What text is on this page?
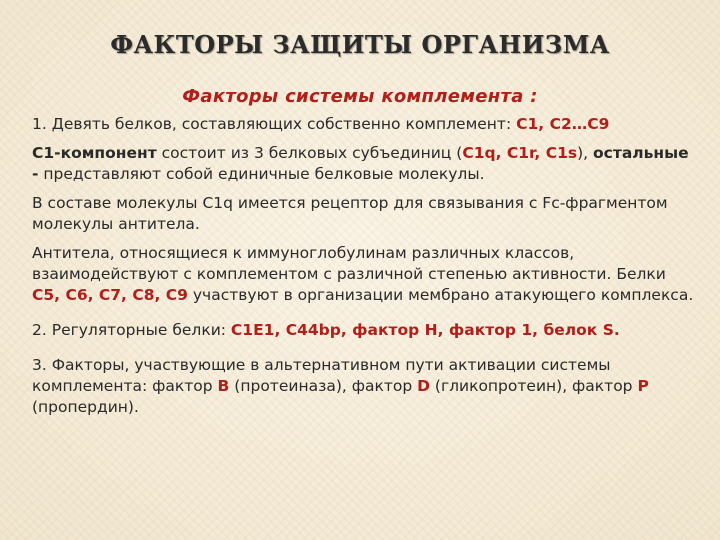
ФАКТОРЫ ЗАЩИТЫ ОРГАНИЗМА
Факторы системы комплемента :

1. Девять белков, составляющих собственно комплемент: С1, С2…С9

С1-компонент состоит из 3 белковых субъединиц (C1q, C1r, C1s), остальные - представляют собой единичные белковые молекулы.

В составе молекулы С1q имеется рецептор для связывания с Fc-фрагментом молекулы антитела.

Антитела, относящиеся к иммуноглобулинам различных классов, взаимодействуют с комплементом с различной степенью активности. Белки С5, С6, С7, С8, С9 участвуют в организации мембрано атакующего комплекса.

2. Регуляторные белки: С1Е1, С44bp, фактор Н, фактор 1, белок S.

3. Факторы, участвующие в альтернативном пути активации системы комплемента: фактор В (протеиназа), фактор D (гликопротеин), фактор Р (пропердин).
